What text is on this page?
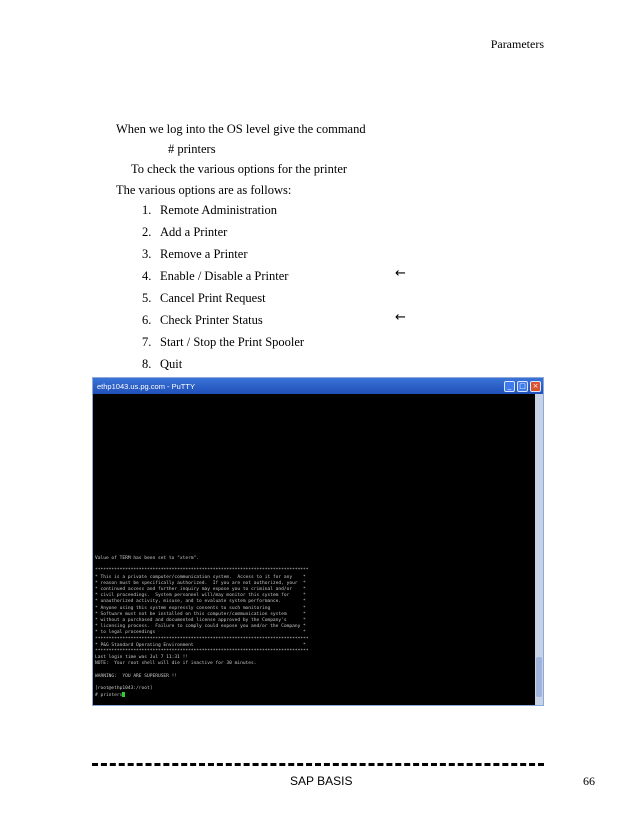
Parameters
When we log into the OS level give the command
# printers
To check the various options for the printer
The various options are as follows:
1. Remote Administration
2. Add a Printer
3. Remove a Printer
4. Enable / Disable a Printer
5. Cancel Print Request
6. Check Printer Status
7. Start / Stop the Print Spooler
8. Quit
←
←
ethp1043.us.pg.com - PuTTY	_	□ ×
Value of TERM has been set to "xterm".

******************************************************************************
* This is a private computer/communication system.  Access to it for any    *
* reason must be specifically authorized.  If you are not authorized, your  *
* continued access and further inquiry may expose you to criminal and/or    *
* civil proceedings.  System personnel will/may monitor this system for     *
* unauthorized activity, misuse, and to evaluate system performance.        *
* Anyone using this system expressly consents to such monitoring            *
* Software must not be installed on this computer/communication system      *
* without a purchased and documented license approved by the Company's      *
* licensing process.  Failure to comply could expose you and/or the Company *
* to legal proceedings                                                      *
******************************************************************************
* P&G Standard Operating Environment                                        *
******************************************************************************
Last login time was Jul 7 11:31 !!
NOTE:  Your root shell will die if inactive for 30 minutes.

WARNING:  YOU ARE SUPERUSER !!

[root@ethp1043:/root]
# printers
SAP BASIS	66
